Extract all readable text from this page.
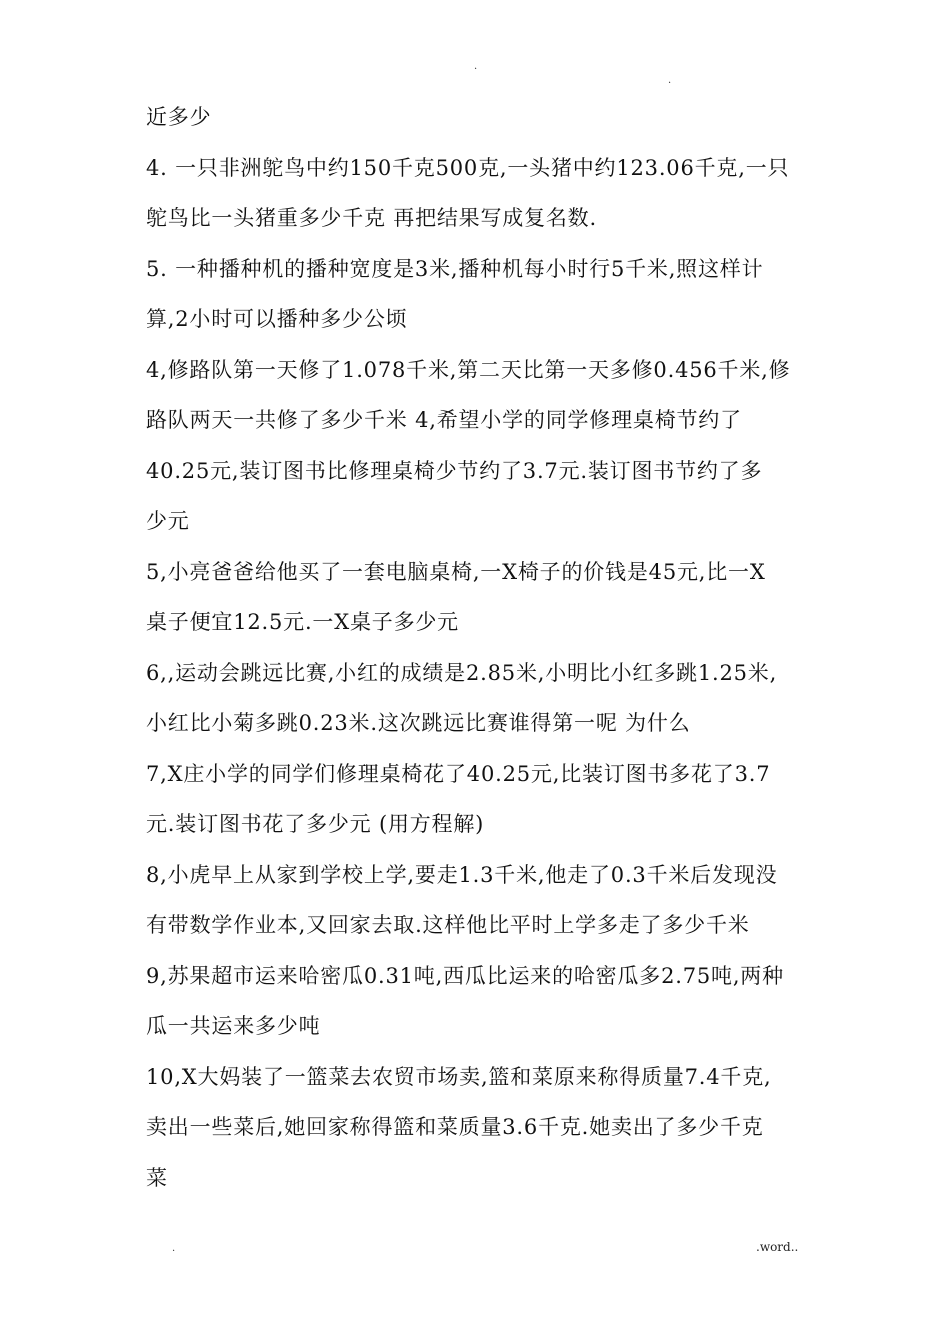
.
.
近多少
4. 一只非洲鸵鸟中约150千克500克,一头猪中约123.06千克,一只
鸵鸟比一头猪重多少千克 再把结果写成复名数.
5. 一种播种机的播种宽度是3米,播种机每小时行5千米,照这样计
算,2小时可以播种多少公顷
4,修路队第一天修了1.078千米,第二天比第一天多修0.456千米,修
路队两天一共修了多少千米 4,希望小学的同学修理桌椅节约了
40.25元,装订图书比修理桌椅少节约了3.7元.装订图书节约了多
少元
5,小亮爸爸给他买了一套电脑桌椅,一X椅子的价钱是45元,比一X
桌子便宜12.5元.一X桌子多少元
6,,运动会跳远比赛,小红的成绩是2.85米,小明比小红多跳1.25米,
小红比小菊多跳0.23米.这次跳远比赛谁得第一呢 为什么
7,X庄小学的同学们修理桌椅花了40.25元,比装订图书多花了3.7
元.装订图书花了多少元 (用方程解)
8,小虎早上从家到学校上学,要走1.3千米,他走了0.3千米后发现没
有带数学作业本,又回家去取.这样他比平时上学多走了多少千米
9,苏果超市运来哈密瓜0.31吨,西瓜比运来的哈密瓜多2.75吨,两种
瓜一共运来多少吨
10,X大妈装了一篮菜去农贸市场卖,篮和菜原来称得质量7.4千克,
卖出一些菜后,她回家称得篮和菜质量3.6千克.她卖出了多少千克
菜
.	.word..
